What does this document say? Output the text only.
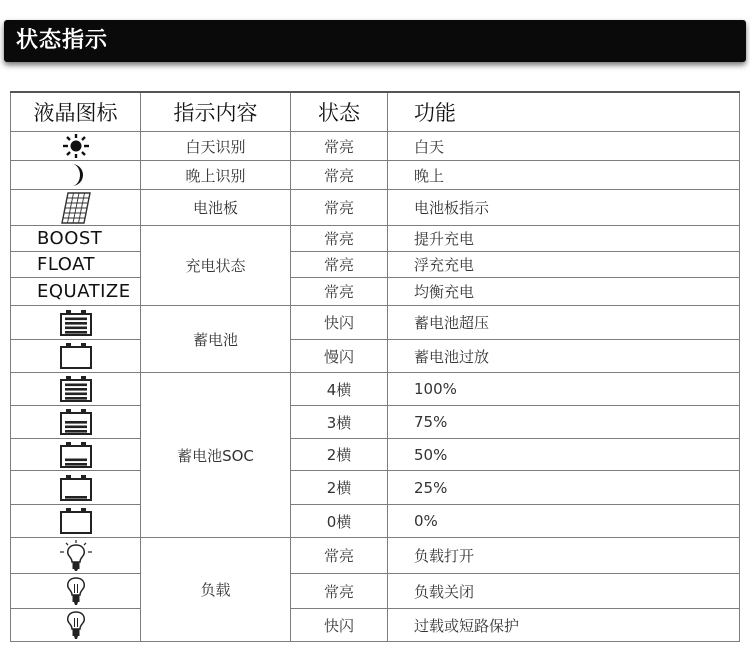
状态指示
液晶图标	指示内容	状态	功能

	白天识别	常亮	白天

	晚上识别	常亮	晚上

	电池板	常亮	电池板指示
BOOST	充电状态	常亮	提升充电
FLOAT		常亮	浮充充电
EQUATIZE		常亮	均衡充电

	蓄电池	快闪	蓄电池超压

	慢闪	蓄电池过放

	蓄电池SOC	4横	100%

	3横	75%

	2横	50%

	2横	25%

	0横	0%

	负载	常亮	负载打开

	常亮	负载关闭

	快闪	过载或短路保护
